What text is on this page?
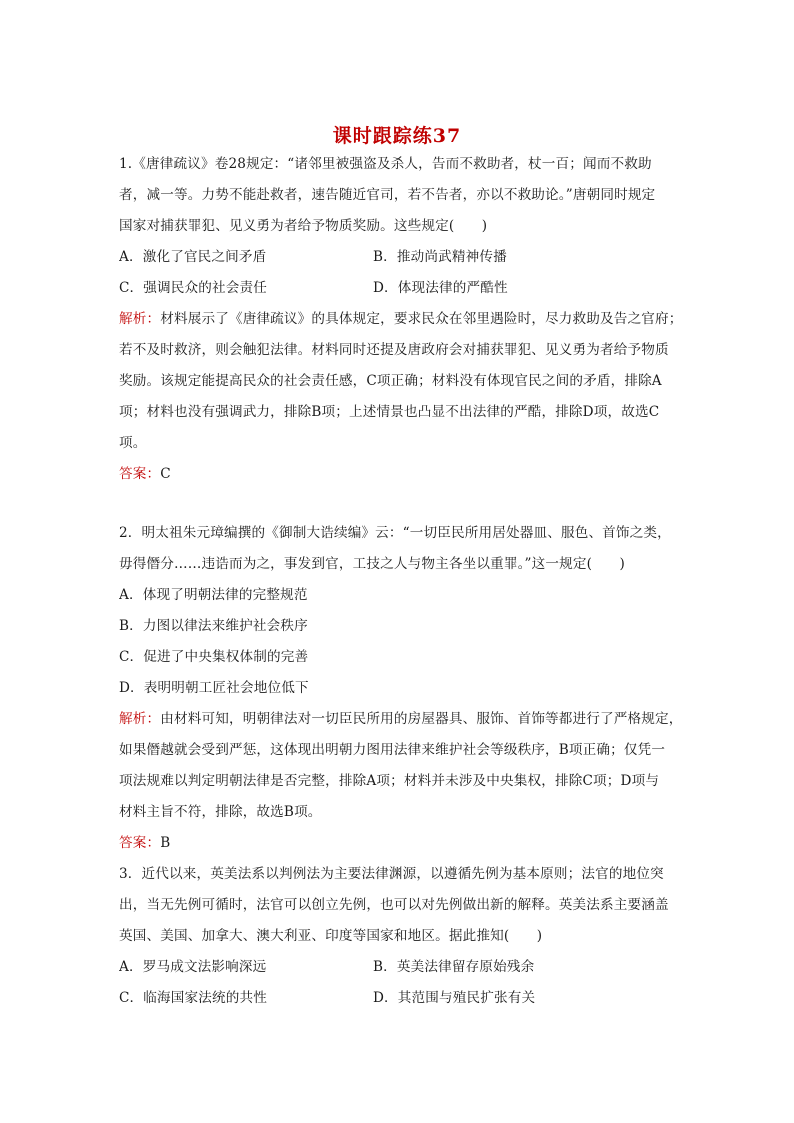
课时跟踪练37
1.《唐律疏议》卷28规定：“诸邻里被强盗及杀人，告而不救助者，杖一百；闻而不救助
者，减一等。力势不能赴救者，速告随近官司，若不告者，亦以不救助论。”唐朝同时规定
国家对捕获罪犯、见义勇为者给予物质奖励。这些规定(　　)
A．激化了官民之间矛盾	B．推动尚武精神传播
C．强调民众的社会责任	D．体现法律的严酷性
解析：材料展示了《唐律疏议》的具体规定，要求民众在邻里遇险时，尽力救助及告之官府；
若不及时救济，则会触犯法律。材料同时还提及唐政府会对捕获罪犯、见义勇为者给予物质
奖励。该规定能提高民众的社会责任感，C项正确；材料没有体现官民之间的矛盾，排除A
项；材料也没有强调武力，排除B项；上述情景也凸显不出法律的严酷，排除D项，故选C
项。
答案：C
2．明太祖朱元璋编撰的《御制大诰续编》云：“一切臣民所用居处器皿、服色、首饰之类，
毋得僭分……违诰而为之，事发到官，工技之人与物主各坐以重罪。”这一规定(　　)
A．体现了明朝法律的完整规范
B．力图以律法来维护社会秩序
C．促进了中央集权体制的完善
D．表明明朝工匠社会地位低下
解析：由材料可知，明朝律法对一切臣民所用的房屋器具、服饰、首饰等都进行了严格规定，
如果僭越就会受到严惩，这体现出明朝力图用法律来维护社会等级秩序，B项正确；仅凭一
项法规难以判定明朝法律是否完整，排除A项；材料并未涉及中央集权，排除C项；D项与
材料主旨不符，排除，故选B项。
答案：B
3．近代以来，英美法系以判例法为主要法律渊源，以遵循先例为基本原则；法官的地位突
出，当无先例可循时，法官可以创立先例，也可以对先例做出新的解释。英美法系主要涵盖
英国、美国、加拿大、澳大利亚、印度等国家和地区。据此推知(　　)
A．罗马成文法影响深远	B．英美法律留存原始残余
C．临海国家法统的共性	D．其范围与殖民扩张有关
